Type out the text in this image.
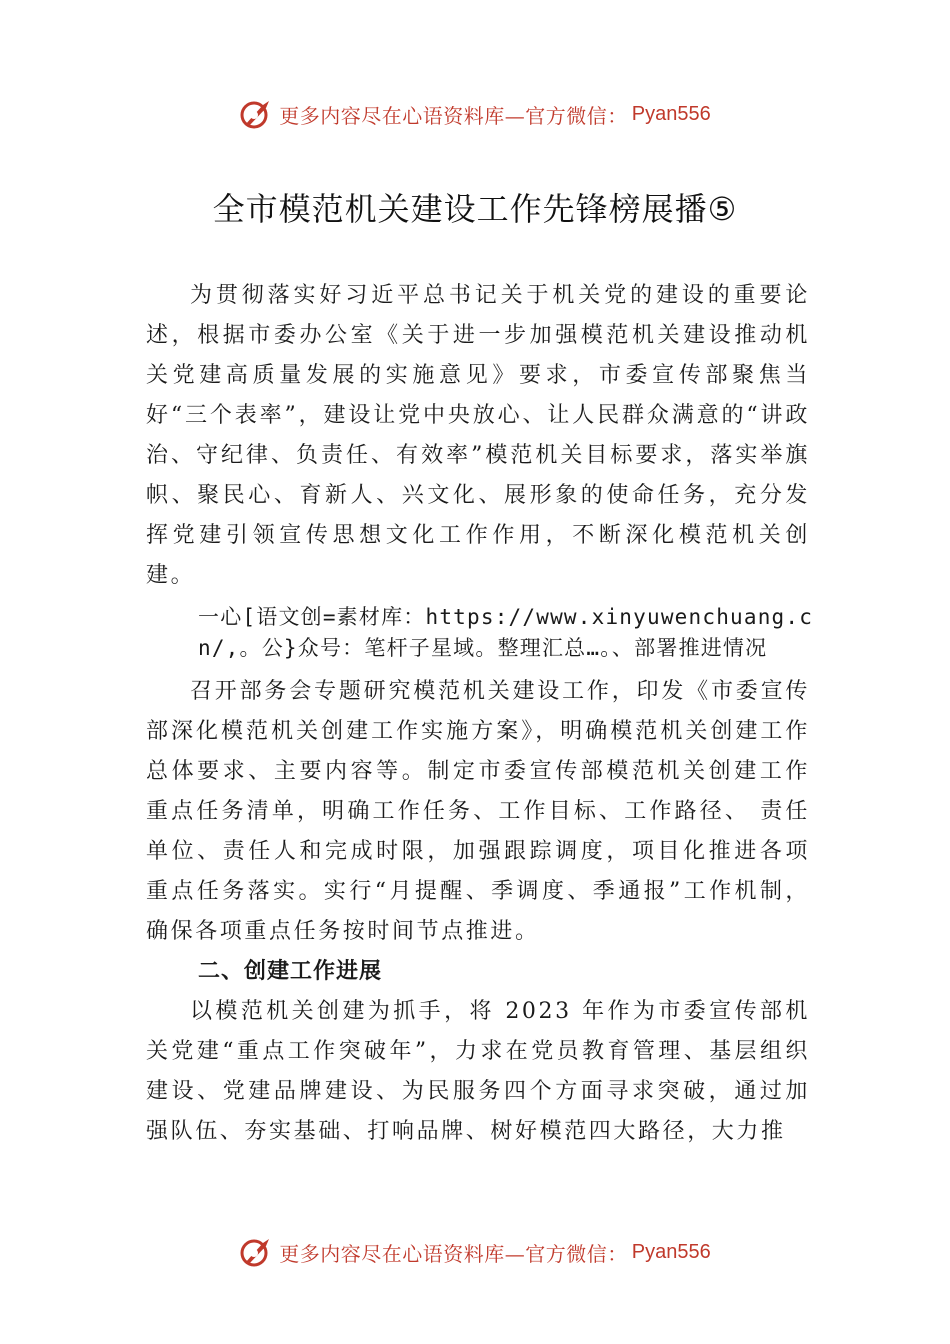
更多内容尽在心语资料库—官方微信： Pyan556
全市模范机关建设工作先锋榜展播⑤

为贯彻落实好习近平总书记关于机关党的建设的重要论述，根据市委办公室《关于进一步加强模范机关建设推动机关党建高质量发展的实施意见》要求，市委宣传部聚焦当好“三个表率”，建设让党中央放心、让人民群众满意的“讲政治、守纪律、负责任、有效率”模范机关目标要求，落实举旗帜、聚民心、育新人、兴文化、展形象的使命任务，充分发挥党建引领宣传思想文化工作作用，不断深化模范机关创建。

一心[语文创=素材库：https://www.xinyuwenchuang.cn/,。公}众号：笔杆子星域。整理汇总…。、部署推进情况

召开部务会专题研究模范机关建设工作，印发《市委宣传部深化模范机关创建工作实施方案》，明确模范机关创建工作总体要求、主要内容等。制定市委宣传部模范机关创建工作重点任务清单，明确工作任务、工作目标、工作路径、 责任单位、责任人和完成时限，加强跟踪调度，项目化推进各项重点任务落实。实行“月提醒、季调度、季通报”工作机制，确保各项重点任务按时间节点推进。

二、创建工作进展

以模范机关创建为抓手，将 2023 年作为市委宣传部机关党建“重点工作突破年”，力求在党员教育管理、基层组织建设、党建品牌建设、为民服务四个方面寻求突破，通过加强队伍、夯实基础、打响品牌、树好模范四大路径，大力推

更多内容尽在心语资料库—官方微信： Pyan556
